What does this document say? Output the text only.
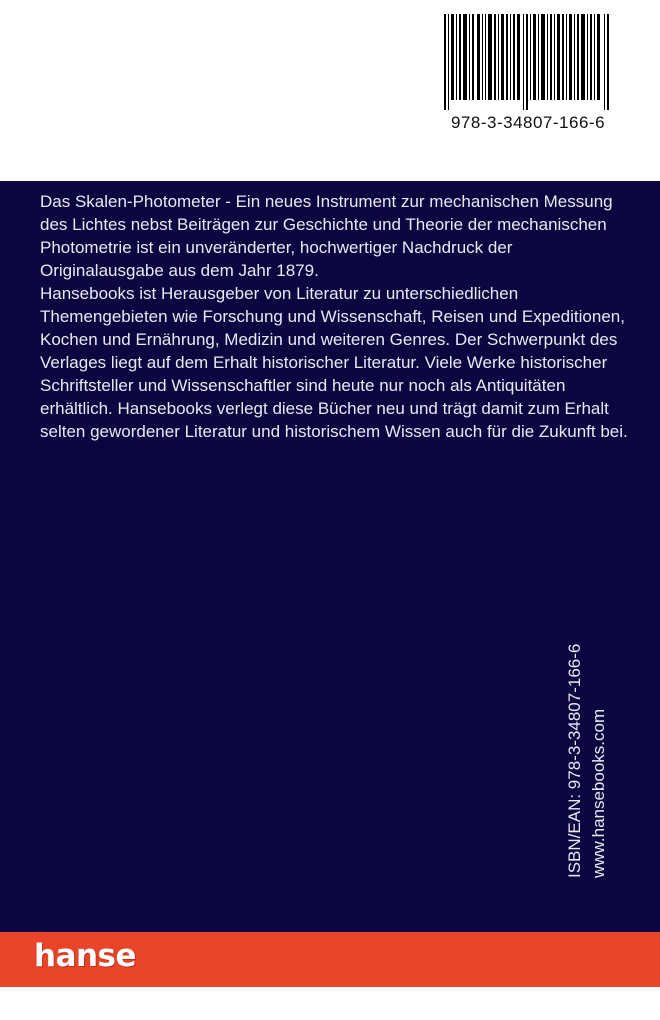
978-3-34807-166-6

Das Skalen-Photometer - Ein neues Instrument zur mechanischen Messung des Lichtes nebst Beiträgen zur Geschichte und Theorie der mechanischen Photometrie ist ein unveränderter, hochwertiger Nachdruck der Originalausgabe aus dem Jahr 1879.

Hansebooks ist Herausgeber von Literatur zu unterschiedlichen Themengebieten wie Forschung und Wissenschaft, Reisen und Expeditionen, Kochen und Ernährung, Medizin und weiteren Genres. Der Schwerpunkt des Verlages liegt auf dem Erhalt historischer Literatur. Viele Werke historischer Schriftsteller und Wissenschaftler sind heute nur noch als Antiquitäten erhältlich. Hansebooks verlegt diese Bücher neu und trägt damit zum Erhalt selten gewordener Literatur und historischem Wissen auch für die Zukunft bei.

ISBN/EAN: 978-3-34807-166-6 www.hansebooks.com
hanse
